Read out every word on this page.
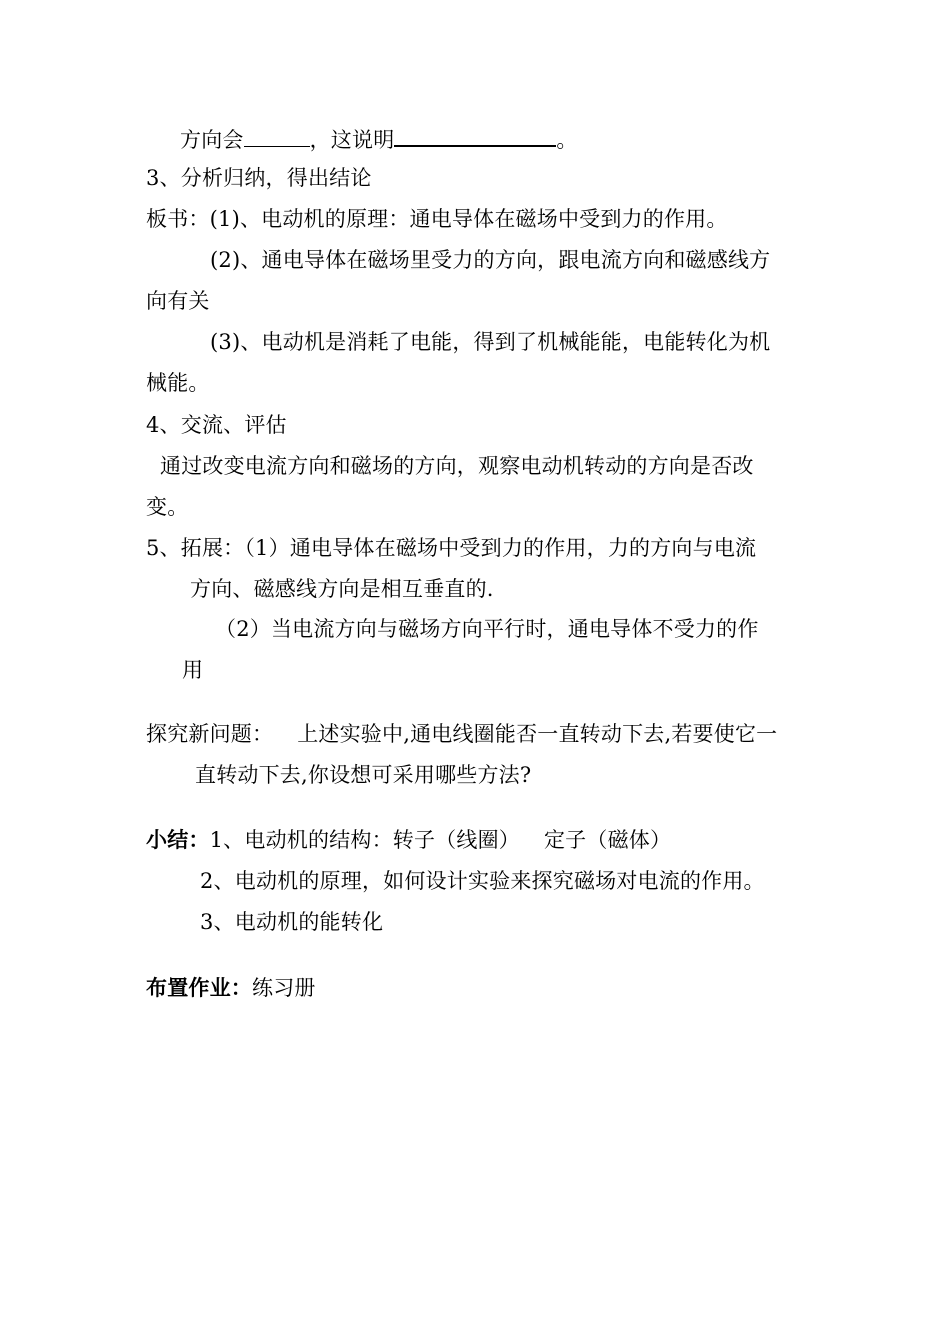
方向会	，这说明	。
3、分析归纳，得出结论
板书：(1)、电动机的原理：通电导体在磁场中受到力的作用。
(2)、通电导体在磁场里受力的方向，跟电流方向和磁感线方
向有关
(3)、电动机是消耗了电能，得到了机械能能，电能转化为机
械能。
4、交流、评估
通过改变电流方向和磁场的方向，观察电动机转动的方向是否改
变。
5、拓展：（1）通电导体在磁场中受到力的作用，力的方向与电流
方向、磁感线方向是相互垂直的.
（2）当电流方向与磁场方向平行时，通电导体不受力的作
用
探究新问题： 上述实验中,通电线圈能否一直转动下去,若要使它一
直转动下去,你设想可采用哪些方法?
小结：1、电动机的结构：转子（线圈） 定子（磁体）
2、电动机的原理，如何设计实验来探究磁场对电流的作用。
3、电动机的能转化
布置作业：练习册
